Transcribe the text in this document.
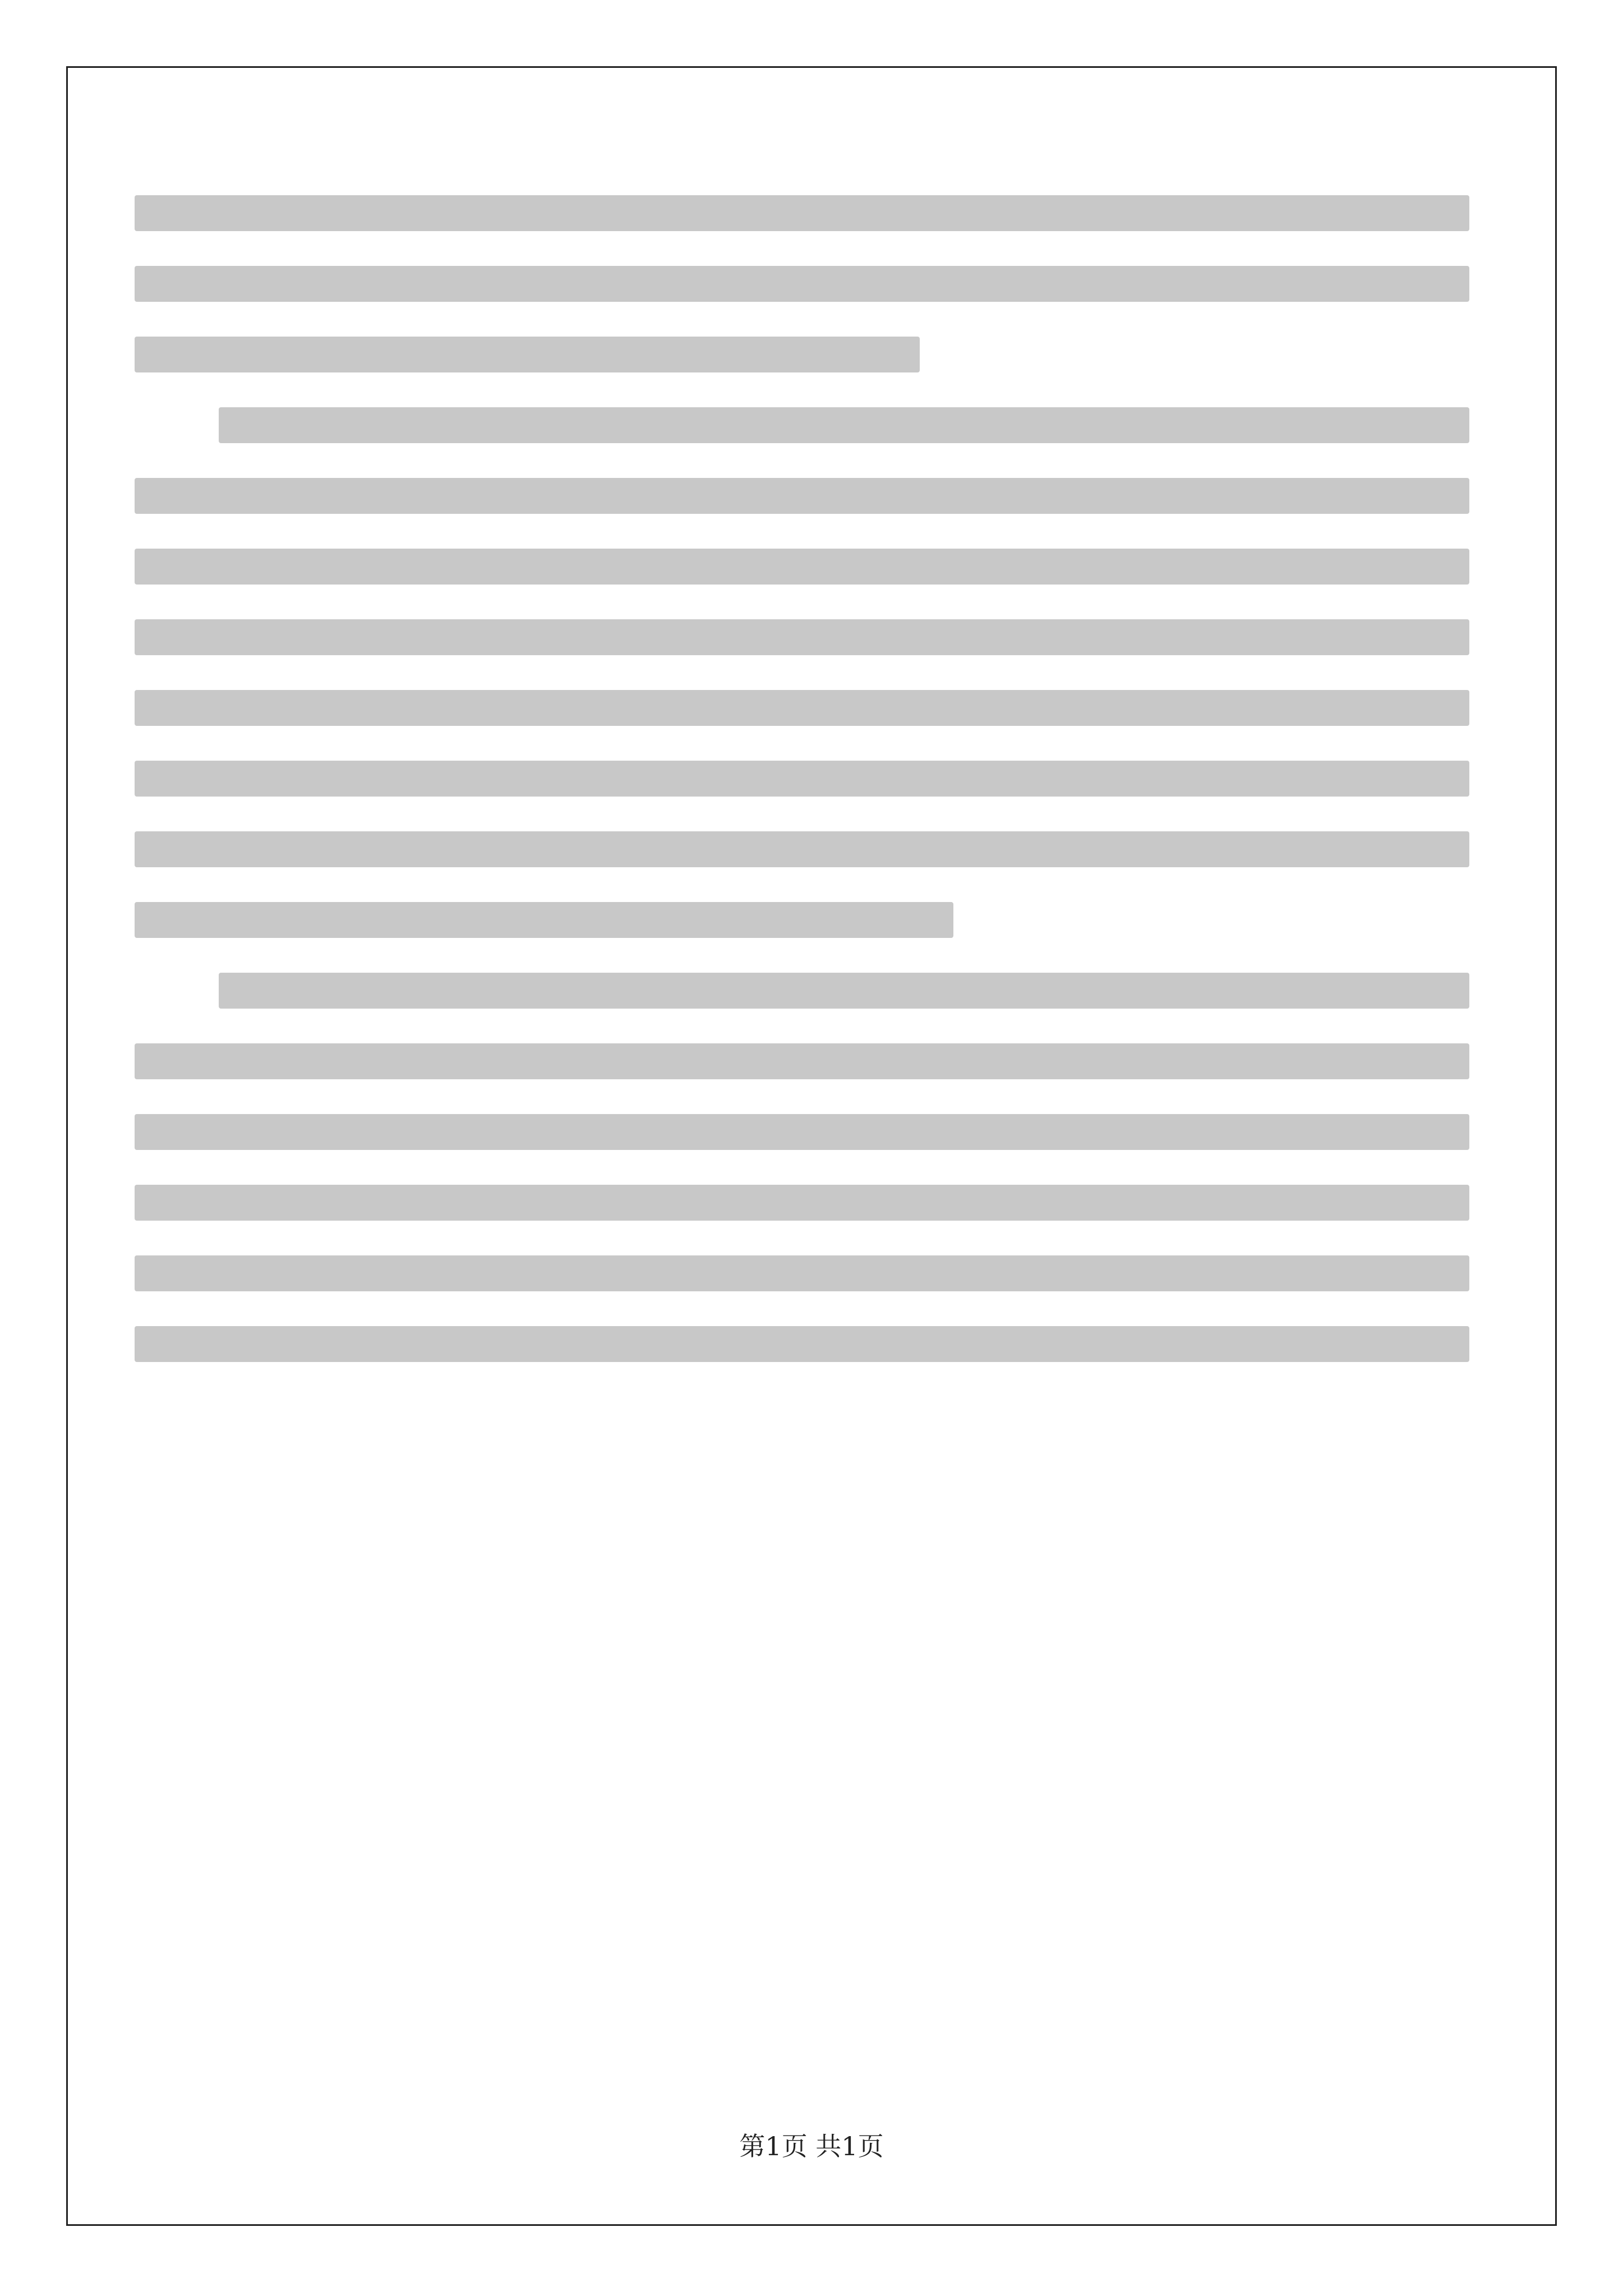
第1页 共1页
